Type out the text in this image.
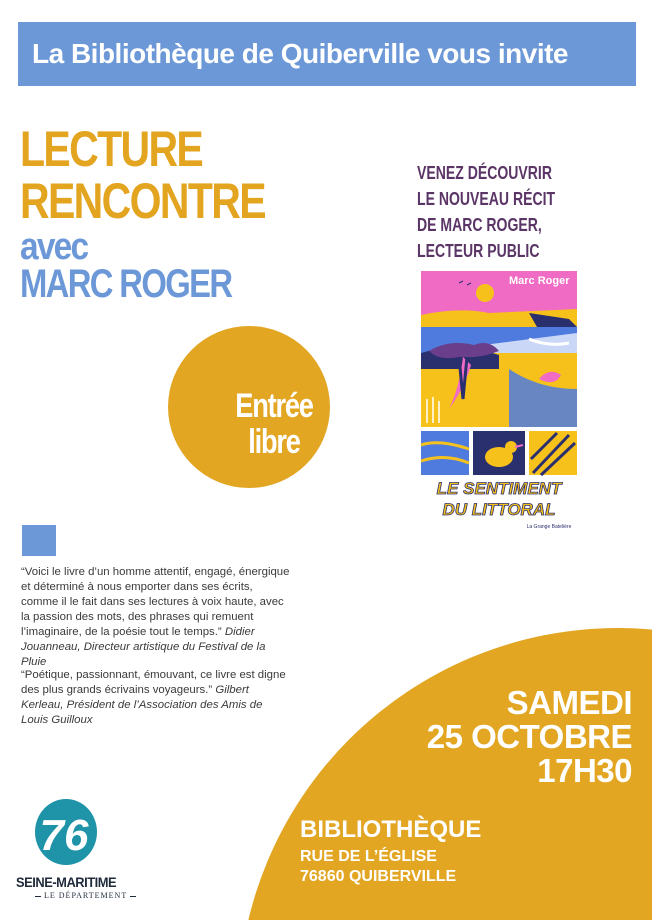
La Bibliothèque de Quiberville vous invite
LECTURE
RENCONTRE
avec
MARC ROGER
Entrée
libre
VENEZ DÉCOUVRIR
LE NOUVEAU RÉCIT
DE MARC ROGER,
LECTEUR PUBLIC
Marc Roger
LE SENTIMENT
DU LITTORAL
La Grange Batelière
“Voici le livre d’un homme attentif, engagé, énergique et déterminé à nous emporter dans ses écrits, comme il le fait dans ses lectures à voix haute, avec la passion des mots, des phrases qui remuent l’imaginaire, de la poésie tout le temps.” Didier Jouanneau, Directeur artistique du Festival de la Pluie
“Poétique, passionnant, émouvant, ce livre est digne des plus grands écrivains voyageurs.” Gilbert Kerleau, Président de l’Association des Amis de Louis Guilloux	SAMEDI
25 OCTOBRE
17H30
BIBLIOTHÈQUE
RUE DE L’ÉGLISE
76860 QUIBERVILLE
76
SEINE-MARITIME
LE DÉPARTEMENT
